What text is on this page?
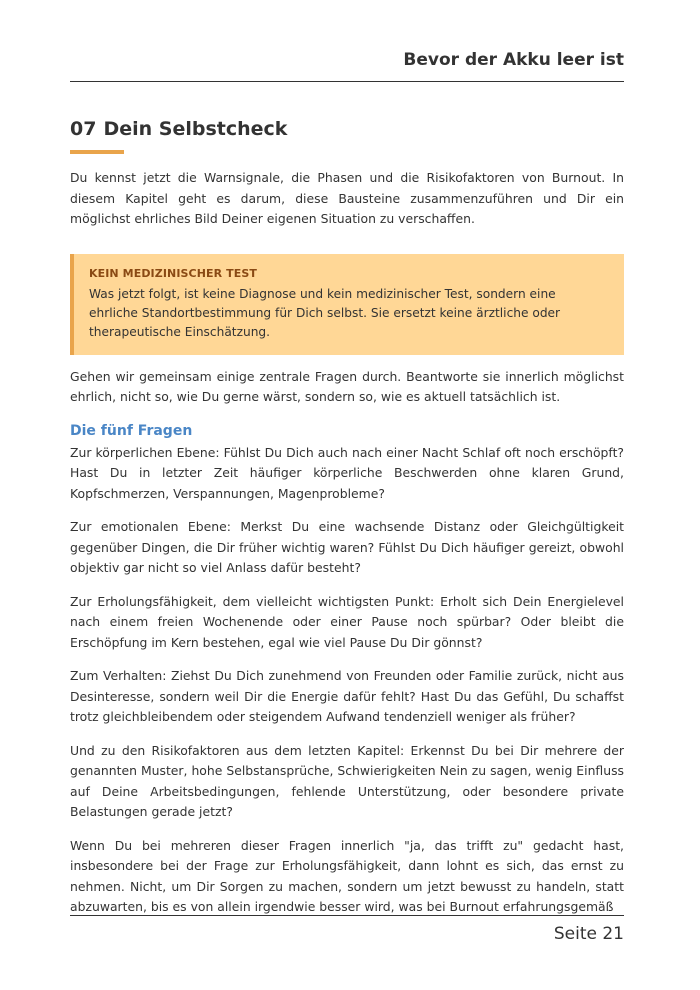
Bevor der Akku leer ist
07 Dein Selbstcheck

Du kennst jetzt die Warnsignale, die Phasen und die Risikofaktoren von Burnout. In diesem Kapitel geht es darum, diese Bausteine zusammenzuführen und Dir ein möglichst ehrliches Bild Deiner eigenen Situation zu verschaffen.

KEIN MEDIZINISCHER TEST
Was jetzt folgt, ist keine Diagnose und kein medizinischer Test, sondern eine ehrliche Standortbestimmung für Dich selbst. Sie ersetzt keine ärztliche oder therapeutische Einschätzung.

Gehen wir gemeinsam einige zentrale Fragen durch. Beantworte sie innerlich möglichst ehrlich, nicht so, wie Du gerne wärst, sondern so, wie es aktuell tatsächlich ist.

Die fünf Fragen

Zur körperlichen Ebene: Fühlst Du Dich auch nach einer Nacht Schlaf oft noch erschöpft? Hast Du in letzter Zeit häufiger körperliche Beschwerden ohne klaren Grund, Kopfschmerzen, Verspannungen, Magenprobleme?

Zur emotionalen Ebene: Merkst Du eine wachsende Distanz oder Gleichgültigkeit gegenüber Dingen, die Dir früher wichtig waren? Fühlst Du Dich häufiger gereizt, obwohl objektiv gar nicht so viel Anlass dafür besteht?

Zur Erholungsfähigkeit, dem vielleicht wichtigsten Punkt: Erholt sich Dein Energielevel nach einem freien Wochenende oder einer Pause noch spürbar? Oder bleibt die Erschöpfung im Kern bestehen, egal wie viel Pause Du Dir gönnst?

Zum Verhalten: Ziehst Du Dich zunehmend von Freunden oder Familie zurück, nicht aus Desinteresse, sondern weil Dir die Energie dafür fehlt? Hast Du das Gefühl, Du schaffst trotz gleichbleibendem oder steigendem Aufwand tendenziell weniger als früher?

Und zu den Risikofaktoren aus dem letzten Kapitel: Erkennst Du bei Dir mehrere der genannten Muster, hohe Selbstansprüche, Schwierigkeiten Nein zu sagen, wenig Einfluss auf Deine Arbeitsbedingungen, fehlende Unterstützung, oder besondere private Belastungen gerade jetzt?

Wenn Du bei mehreren dieser Fragen innerlich "ja, das trifft zu" gedacht hast, insbesondere bei der Frage zur Erholungsfähigkeit, dann lohnt es sich, das ernst zu nehmen. Nicht, um Dir Sorgen zu machen, sondern um jetzt bewusst zu handeln, statt abzuwarten, bis es von allein irgendwie besser wird, was bei Burnout erfahrungsgemäß

Seite 21
